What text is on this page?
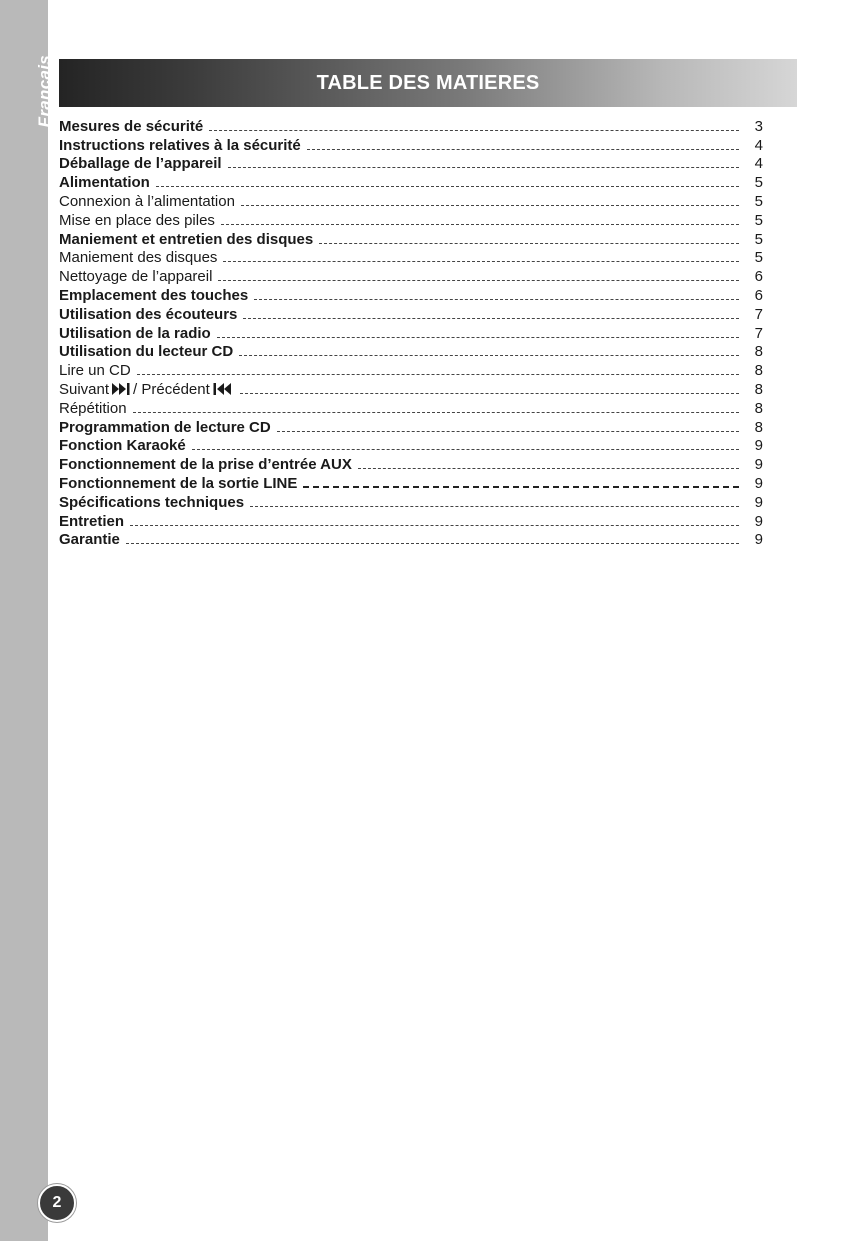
Français
2
TABLE DES MATIERES
Mesures de sécurité	3
Instructions relatives à la sécurité	4
Déballage de l’appareil	4
Alimentation	5
Connexion à l’alimentation	5
Mise en place des piles	5
Maniement et entretien des disques	5
Maniement des disques	5
Nettoyage de l’appareil	6
Emplacement des touches	6
Utilisation des écouteurs	7
Utilisation de la radio	7
Utilisation du lecteur CD	8
Lire un CD	8
Suivant / Précédent	8
Répétition	8
Programmation de lecture CD	8
Fonction Karaoké	9
Fonctionnement de la prise d’entrée AUX	9
Fonctionnement de la sortie LINE	9
Spécifications techniques	9
Entretien	9
Garantie	9
